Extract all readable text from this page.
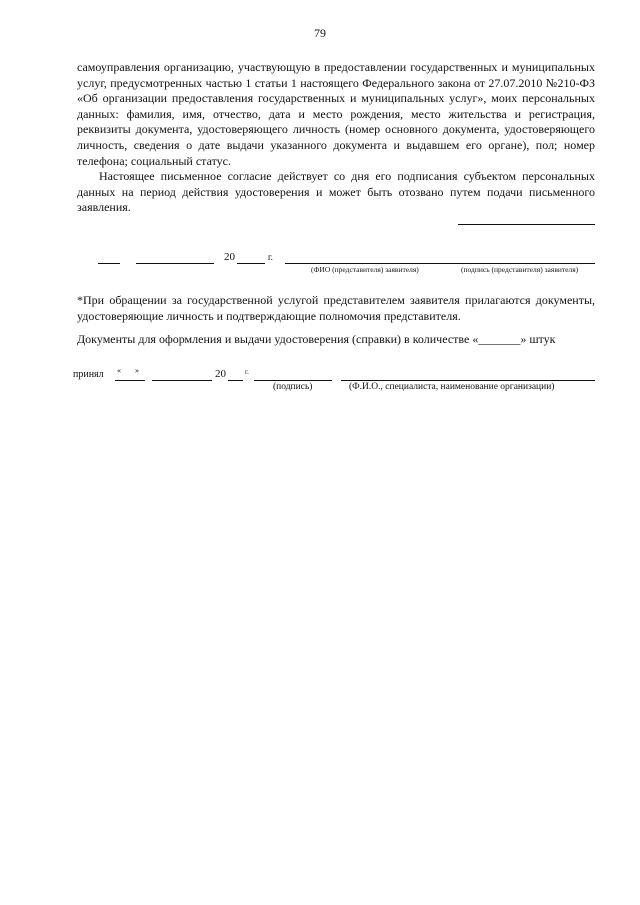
79

самоуправления организацию, участвующую в предоставлении государственных и муниципальных услуг, предусмотренных частью 1 статьи 1 настоящего Федерального закона от 27.07.2010 №210-ФЗ «Об организации предоставления государственных и муниципальных услуг», моих персональных данных: фамилия, имя, отчество, дата и место рождения, место жительства и регистрация, реквизиты документа, удостоверяющего личность (номер основного документа, удостоверяющего личность, сведения о дате выдачи указанного документа и выдавшем его органе), пол; номер телефона; социальный статус.

Настоящее письменное согласие действует со дня его подписания субъектом персональных данных на период действия удостоверения и может быть отозвано путем подачи письменного заявления.

20	г.
(ФИО (представителя) заявителя)	(подпись (представителя) заявителя)

*При обращении за государственной услугой представителем заявителя прилагаются документы, удостоверяющие личность и подтверждающие полномочия представителя.

Документы для оформления и выдачи удостоверения (справки) в количестве «_______» штук

принял « »	20	г.
(подпись)	(Ф.И.О., специалиста, наименование организации)
